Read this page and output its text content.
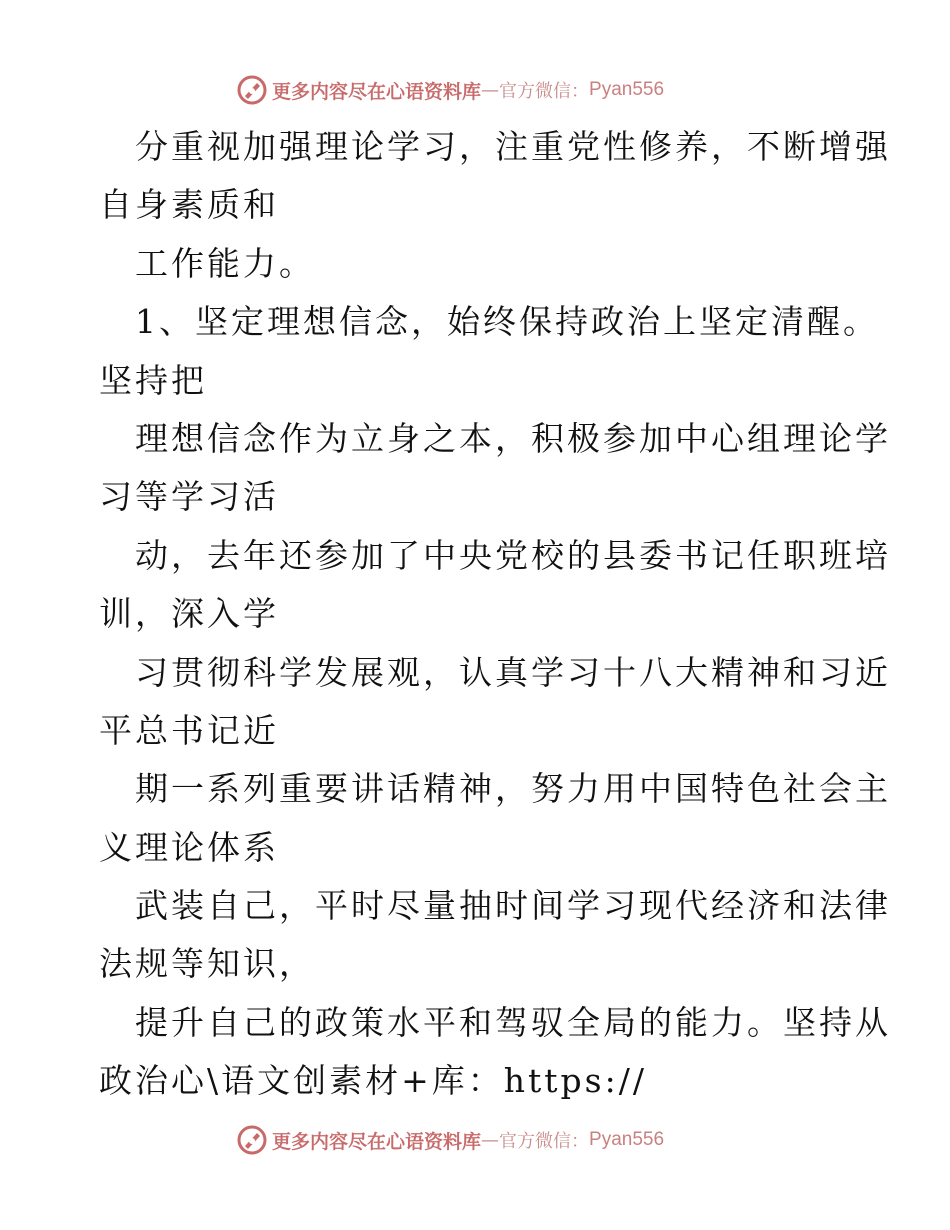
更多内容尽在心语资料库 — 官方微信： Pyan556
分重视加强理论学习，注重党性修养，不断增强
自身素质和
工作能力。
1、坚定理想信念，始终保持政治上坚定清醒。
坚持把
理想信念作为立身之本，积极参加中心组理论学
习等学习活
动，去年还参加了中央党校的县委书记任职班培
训，深入学
习贯彻科学发展观，认真学习十八大精神和习近
平总书记近
期一系列重要讲话精神，努力用中国特色社会主
义理论体系
武装自己，平时尽量抽时间学习现代经济和法律
法规等知识，
提升自己的政策水平和驾驭全局的能力。坚持从
政治心\语文创素材+库：https://
更多内容尽在心语资料库 — 官方微信： Pyan556
